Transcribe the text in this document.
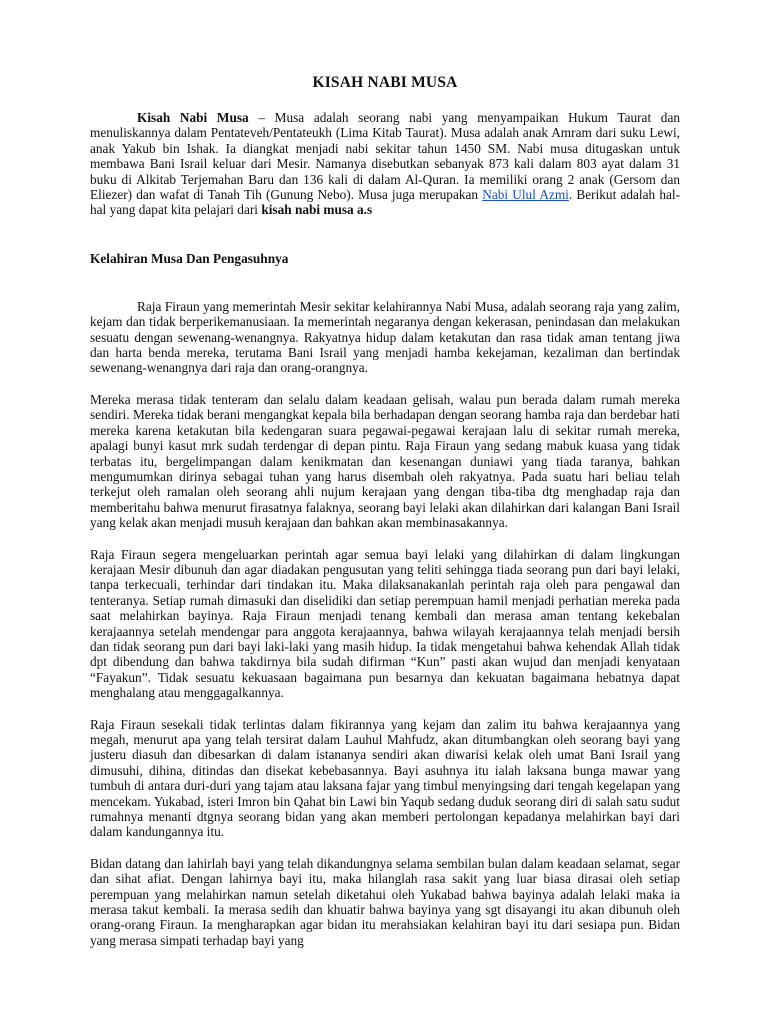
KISAH NABI MUSA

Kisah Nabi Musa – Musa adalah seorang nabi yang menyampaikan Hukum Taurat dan menuliskannya dalam Pentateveh/Pentateukh (Lima Kitab Taurat). Musa adalah anak Amram dari suku Lewi, anak Yakub bin Ishak. Ia diangkat menjadi nabi sekitar tahun 1450 SM. Nabi musa ditugaskan untuk membawa Bani Israil keluar dari Mesir. Namanya disebutkan sebanyak 873 kali dalam 803 ayat dalam 31 buku di Alkitab Terjemahan Baru dan 136 kali di dalam Al-Quran. Ia memiliki orang 2 anak (Gersom dan Eliezer) dan wafat di Tanah Tih (Gunung Nebo). Musa juga merupakan Nabi Ulul Azmi. Berikut adalah hal-hal yang dapat kita pelajari dari kisah nabi musa a.s

Kelahiran Musa Dan Pengasuhnya

Raja Firaun yang memerintah Mesir sekitar kelahirannya Nabi Musa, adalah seorang raja yang zalim, kejam dan tidak berperikemanusiaan. Ia memerintah negaranya dengan kekerasan, penindasan dan melakukan sesuatu dengan sewenang-wenangnya. Rakyatnya hidup dalam ketakutan dan rasa tidak aman tentang jiwa dan harta benda mereka, terutama Bani Israil yang menjadi hamba kekejaman, kezaliman dan bertindak sewenang-wenangnya dari raja dan orang-orangnya.

Mereka merasa tidak tenteram dan selalu dalam keadaan gelisah, walau pun berada dalam rumah mereka sendiri. Mereka tidak berani mengangkat kepala bila berhadapan dengan seorang hamba raja dan berdebar hati mereka karena ketakutan bila kedengaran suara pegawai-pegawai kerajaan lalu di sekitar rumah mereka, apalagi bunyi kasut mrk sudah terdengar di depan pintu. Raja Firaun yang sedang mabuk kuasa yang tidak terbatas itu, bergelimpangan dalam kenikmatan dan kesenangan duniawi yang tiada taranya, bahkan mengumumkan dirinya sebagai tuhan yang harus disembah oleh rakyatnya. Pada suatu hari beliau telah terkejut oleh ramalan oleh seorang ahli nujum kerajaan yang dengan tiba-tiba dtg menghadap raja dan memberitahu bahwa menurut firasatnya falaknya, seorang bayi lelaki akan dilahirkan dari kalangan Bani Israil yang kelak akan menjadi musuh kerajaan dan bahkan akan membinasakannya.

Raja Firaun segera mengeluarkan perintah agar semua bayi lelaki yang dilahirkan di dalam lingkungan kerajaan Mesir dibunuh dan agar diadakan pengusutan yang teliti sehingga tiada seorang pun dari bayi lelaki, tanpa terkecuali, terhindar dari tindakan itu. Maka dilaksanakanlah perintah raja oleh para pengawal dan tenteranya. Setiap rumah dimasuki dan diselidiki dan setiap perempuan hamil menjadi perhatian mereka pada saat melahirkan bayinya. Raja Firaun menjadi tenang kembali dan merasa aman tentang kekebalan kerajaannya setelah mendengar para anggota kerajaannya, bahwa wilayah kerajaannya telah menjadi bersih dan tidak seorang pun dari bayi laki-laki yang masih hidup. Ia tidak mengetahui bahwa kehendak Allah tidak dpt dibendung dan bahwa takdirnya bila sudah difirman “Kun” pasti akan wujud dan menjadi kenyataan “Fayakun”. Tidak sesuatu kekuasaan bagaimana pun besarnya dan kekuatan bagaimana hebatnya dapat menghalang atau menggagalkannya.

Raja Firaun sesekali tidak terlintas dalam fikirannya yang kejam dan zalim itu bahwa kerajaannya yang megah, menurut apa yang telah tersirat dalam Lauhul Mahfudz, akan ditumbangkan oleh seorang bayi yang justeru diasuh dan dibesarkan di dalam istananya sendiri akan diwarisi kelak oleh umat Bani Israil yang dimusuhi, dihina, ditindas dan disekat kebebasannya. Bayi asuhnya itu ialah laksana bunga mawar yang tumbuh di antara duri-duri yang tajam atau laksana fajar yang timbul menyingsing dari tengah kegelapan yang mencekam. Yukabad, isteri Imron bin Qahat bin Lawi bin Yaqub sedang duduk seorang diri di salah satu sudut rumahnya menanti dtgnya seorang bidan yang akan memberi pertolongan kepadanya melahirkan bayi dari dalam kandungannya itu.

Bidan datang dan lahirlah bayi yang telah dikandungnya selama sembilan bulan dalam keadaan selamat, segar dan sihat afiat. Dengan lahirnya bayi itu, maka hilanglah rasa sakit yang luar biasa dirasai oleh setiap perempuan yang melahirkan namun setelah diketahui oleh Yukabad bahwa bayinya adalah lelaki maka ia merasa takut kembali. Ia merasa sedih dan khuatir bahwa bayinya yang sgt disayangi itu akan dibunuh oleh orang-orang Firaun. Ia mengharapkan agar bidan itu merahsiakan kelahiran bayi itu dari sesiapa pun. Bidan yang merasa simpati terhadap bayi yang
